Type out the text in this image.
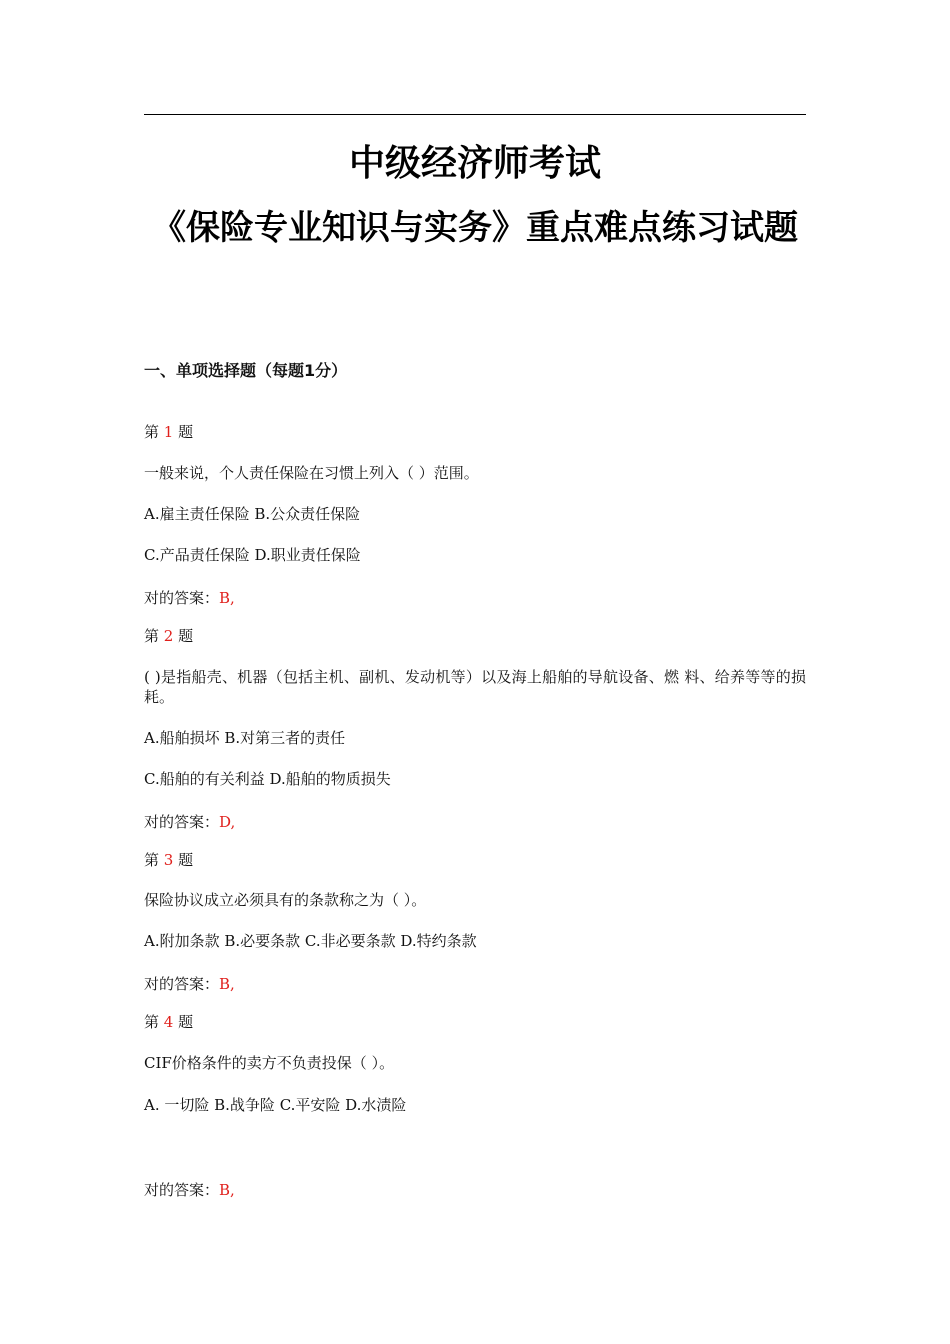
中级经济师考试
《保险专业知识与实务》重点难点练习试题
一、单项选择题（每题1分）
第 1 题
一般来说，个人责任保险在习惯上列入（ ）范围。
A.雇主责任保险 B.公众责任保险
C.产品责任保险 D.职业责任保险
对的答案：B,
第 2 题
( )是指船壳、机器（包括主机、副机、发动机等）以及海上船舶的导航设备、燃 料、给养等等的损耗。
A.船舶损坏 B.对第三者的责任
C.船舶的有关利益 D.船舶的物质损失
对的答案：D,
第 3 题
保险协议成立必须具有的条款称之为（ ）。
A.附加条款 B.必要条款 C.非必要条款 D.特约条款
对的答案：B,
第 4 题
CIF价格条件的卖方不负责投保（ ）。
A. 一切险 B.战争险 C.平安险 D.水渍险
对的答案：B,
